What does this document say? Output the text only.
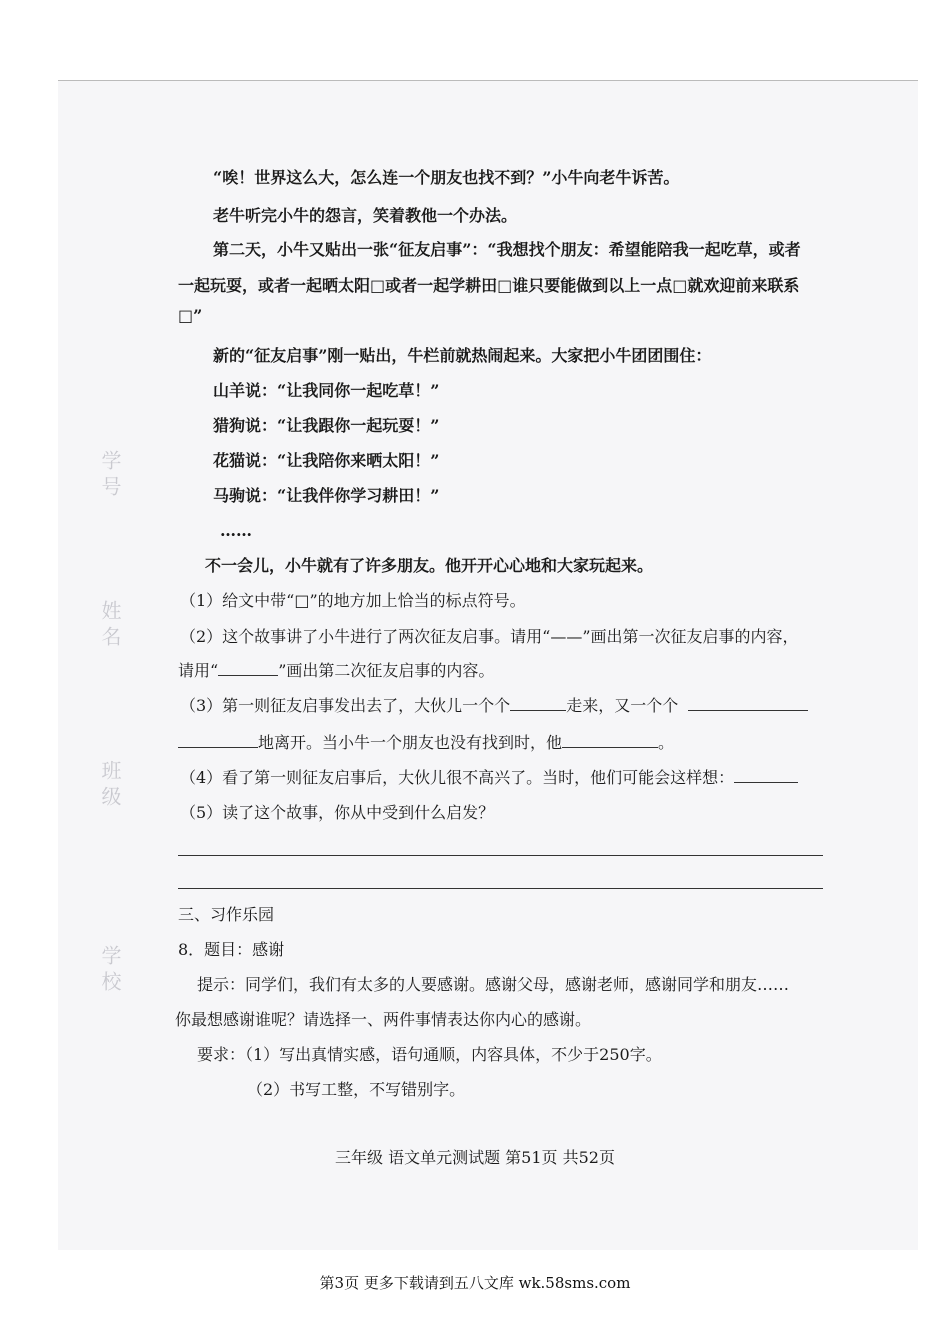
学号
姓名
班级
学校
“唉！世界这么大，怎么连一个朋友也找不到？”小牛向老牛诉苦。
老牛听完小牛的怨言，笑着教他一个办法。
第二天，小牛又贴出一张“征友启事”：“我想找个朋友：希望能陪我一起吃草，或者
一起玩耍，或者一起晒太阳□或者一起学耕田□谁只要能做到以上一点□就欢迎前来联系
□”
新的“征友启事”刚一贴出，牛栏前就热闹起来。大家把小牛团团围住：
山羊说：“让我同你一起吃草！”
猎狗说：“让我跟你一起玩耍！”
花猫说：“让我陪你来晒太阳！”
马驹说：“让我伴你学习耕田！”
……
不一会儿，小牛就有了许多朋友。他开开心心地和大家玩起来。
（1）给文中带“□”的地方加上恰当的标点符号。
（2）这个故事讲了小牛进行了两次征友启事。请用“——”画出第一次征友启事的内容，
请用“	”画出第二次征友启事的内容。
（3）第一则征友启事发出去了，大伙儿一个个	走来，又一个个
地离开。当小牛一个朋友也没有找到时，他	。
（4）看了第一则征友启事后，大伙儿很不高兴了。当时，他们可能会这样想：
（5）读了这个故事，你从中受到什么启发？
三、习作乐园
8．题目：感谢
提示：同学们，我们有太多的人要感谢。感谢父母，感谢老师，感谢同学和朋友……
你最想感谢谁呢？请选择一、两件事情表达你内心的感谢。
要求：（1）写出真情实感，语句通顺，内容具体，不少于250字。
（2）书写工整，不写错别字。
三年级 语文单元测试题 第51页 共52页
第3页 更多下载请到五八文库 wk.58sms.com
